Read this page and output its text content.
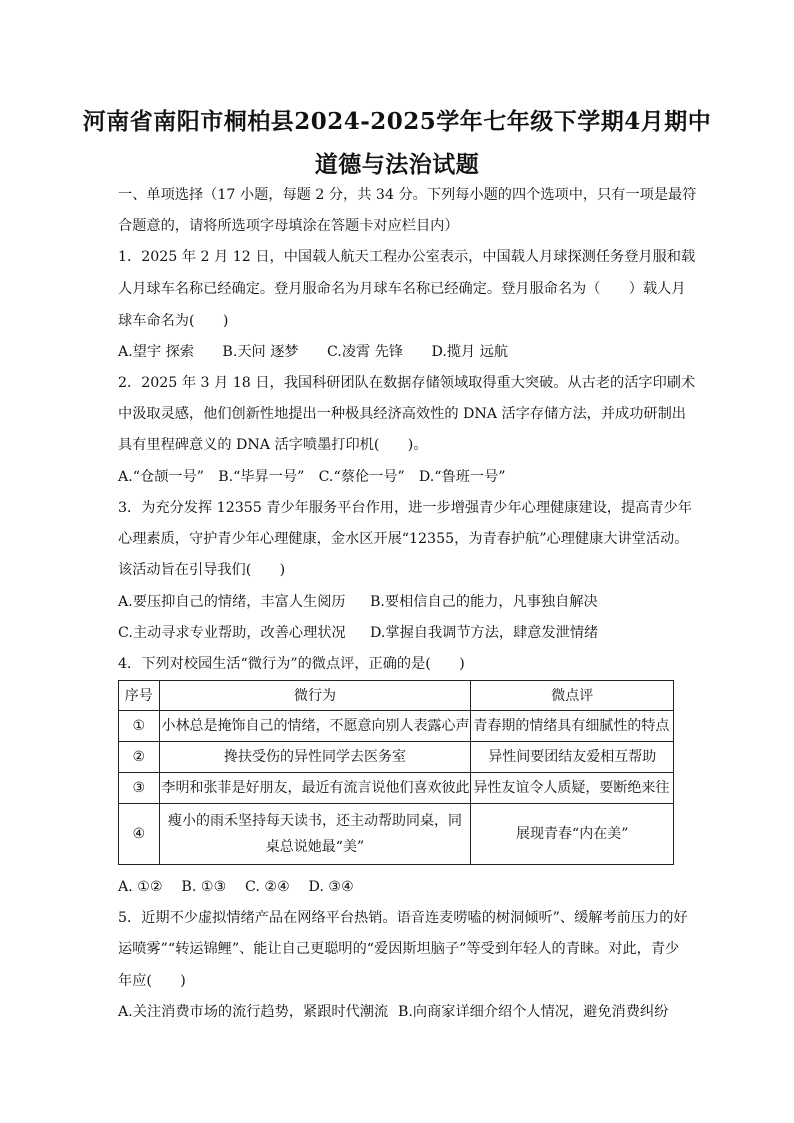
河南省南阳市桐柏县2024-2025学年七年级下学期4月期中
道德与法治试题
一、单项选择（17 小题，每题 2 分，共 34 分。下列每小题的四个选项中，只有一项是最符
合题意的，请将所选项字母填涂在答题卡对应栏目内）
1．2025 年 2 月 12 日，中国载人航天工程办公室表示，中国载人月球探测任务登月服和载
人月球车名称已经确定。登月服命名为月球车名称已经确定。登月服命名为（　　）载人月
球车命名为(　　)
A.望宇 探索　　B.天问 逐梦　　C.凌霄 先锋　　D.揽月 远航
2．2025 年 3 月 18 日，我国科研团队在数据存储领域取得重大突破。从古老的活字印刷术
中汲取灵感，他们创新性地提出一种极具经济高效性的 DNA 活字存储方法，并成功研制出
具有里程碑意义的 DNA 活字喷墨打印机(　　)。
A.“仓颉一号”　B.“毕昇一号”　C.“蔡伦一号”　D.“鲁班一号”
3．为充分发挥 12355 青少年服务平台作用，进一步增强青少年心理健康建设，提高青少年
心理素质，守护青少年心理健康，金水区开展“12355，为青春护航”心理健康大讲堂活动。
该活动旨在引导我们(　　)
A.要压抑自己的情绪，丰富人生阅历 B.要相信自己的能力，凡事独自解决
C.主动寻求专业帮助，改善心理状况 D.掌握自我调节方法，肆意发泄情绪
4．下列对校园生活“微行为”的微点评，正确的是(　　)
序号	微行为	微点评
①	小林总是掩饰自己的情绪，不愿意向别人表露心声	青春期的情绪具有细腻性的特点
②	搀扶受伤的异性同学去医务室	异性间要团结友爱相互帮助
③	李明和张菲是好朋友，最近有流言说他们喜欢彼此	异性友谊令人质疑，要断绝来往
④	瘦小的雨禾坚持每天读书，还主动帮助同桌，同桌总说她最“美”	展现青春“内在美”
A. ①②　 B. ①③　 C. ②④　 D. ③④
5．近期不少虚拟情绪产品在网络平台热销。语音连麦唠嗑的树洞倾听”、缓解考前压力的好
运喷雾”“转运锦鲤”、能让自己更聪明的“爱因斯坦脑子”等受到年轻人的青睐。对此，青少
年应(　　)
A.关注消费市场的流行趋势，紧跟时代潮流 B.向商家详细介绍个人情况，避免消费纠纷
